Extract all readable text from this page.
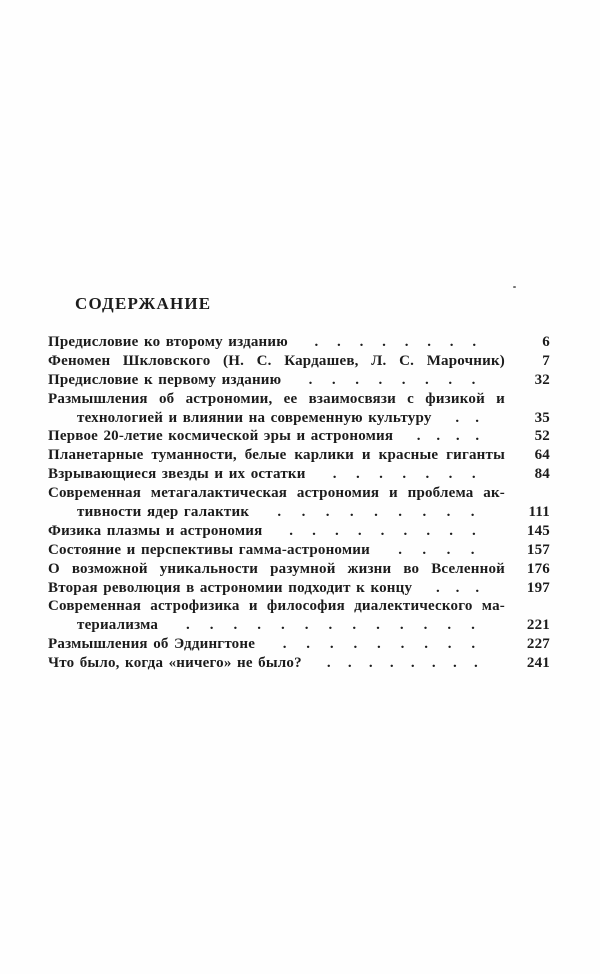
СОДЕРЖАНИЕ
Предисловие ко второму изданию . . . . . . . .	6
Феномен Шкловского (Н. С. Кардашев, Л. С. Марочник)	7
Предисловие к первому изданию . . . . . . . .	32
Размышления об астрономии, ее взаимосвязи с физикой и
технологией и влиянии на современную культуру . .	35
Первое 20-летие космической эры и астрономия . . . .	52
Планетарные туманности, белые карлики и красные гиганты	64
Взрывающиеся звезды и их остатки . . . . . . .	84
Современная метагалактическая астрономия и проблема ак-
тивности ядер галактик . . . . . . . . .	111
Физика плазмы и астрономия . . . . . . . . .	145
Состояние и перспективы гамма-астрономии . . . .	157
О возможной уникальности разумной жизни во Вселенной	176
Вторая революция в астрономии подходит к концу . . .	197
Современная астрофизика и философия диалектического ма-
териализма . . . . . . . . . . . . .	221
Размышления об Эддингтоне . . . . . . . . .	227
Что было, когда «ничего» не было? . . . . . . . .	241
